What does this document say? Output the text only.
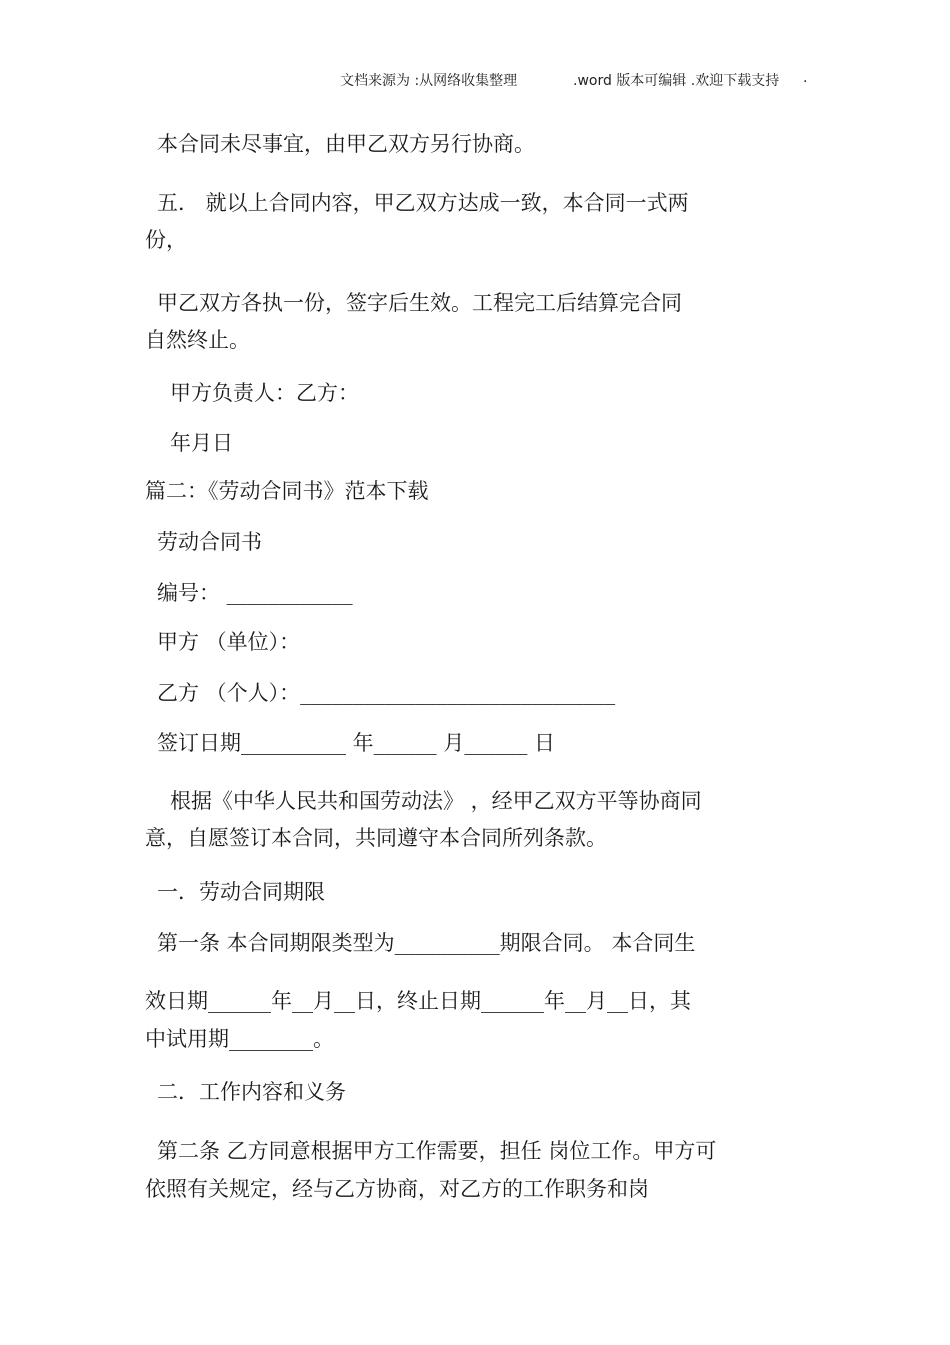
文档来源为 :从网络收集整理	.word 版本可编辑 .欢迎下载支持 .
本合同未尽事宜，由甲乙双方另行协商。
五． 就以上合同内容，甲乙双方达成一致，本合同一式两
份，
甲乙双方各执一份，签字后生效。工程完工后结算完合同
自然终止。
甲方负责人：乙方：
年月日
篇二：《劳动合同书》范本下载
劳动合同书
编号： ____________
甲方 （单位）：
乙方 （个人）：______________________________
签订日期__________ 年______ 月______ 日
根据《中华人民共和国劳动法》 ，经甲乙双方平等协商同
意，自愿签订本合同，共同遵守本合同所列条款。
一．劳动合同期限
第一条 本合同期限类型为__________期限合同。 本合同生
效日期______年__月__日，终止日期______年__月__日，其
中试用期________。
二．工作内容和义务
第二条 乙方同意根据甲方工作需要，担任 岗位工作。甲方可
依照有关规定，经与乙方协商，对乙方的工作职务和岗
